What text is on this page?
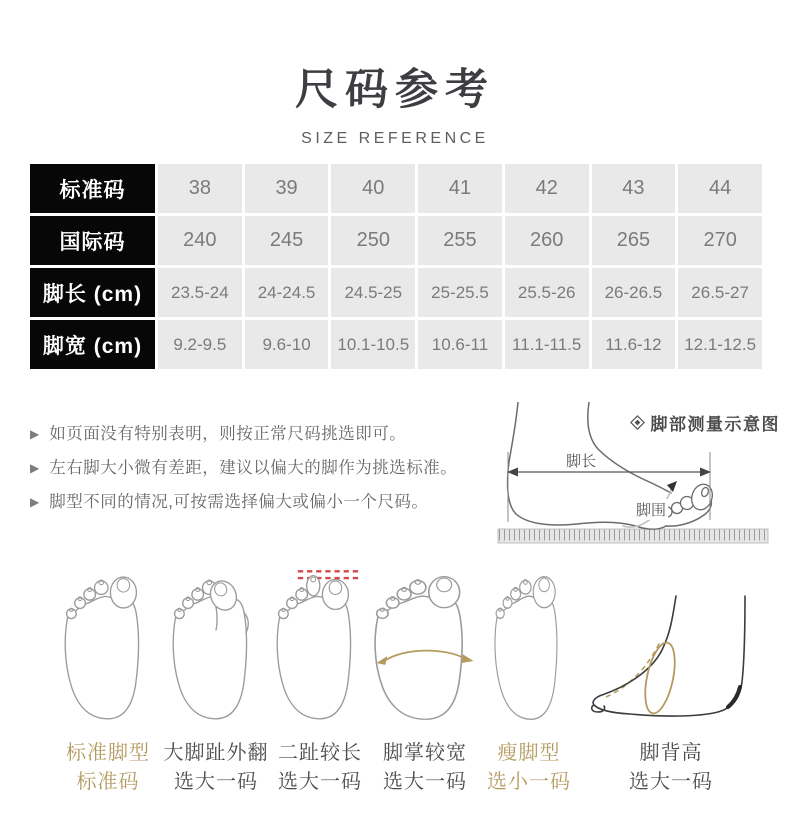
尺码参考
SIZE REFERENCE
标准码	38	39	40	41	42	43	44
国际码	240	245	250	255	260	265	270
脚长 (cm)	23.5-24	24-24.5	24.5-25	25-25.5	25.5-26	26-26.5	26.5-27
脚宽 (cm)	9.2-9.5	9.6-10	10.1-10.5	10.6-11	11.1-11.5	11.6-12	12.1-12.5
▶ 如页面没有特别表明，则按正常尺码挑选即可。
▶ 左右脚大小微有差距，建议以偏大的脚作为挑选标准。
▶ 脚型不同的情况,可按需选择偏大或偏小一个尺码。
脚部测量示意图
脚长
脚围
标准脚型
标准码
大脚趾外翻
选大一码
二趾较长
选大一码
脚掌较宽
选大一码
瘦脚型
选小一码
脚背高
选大一码
